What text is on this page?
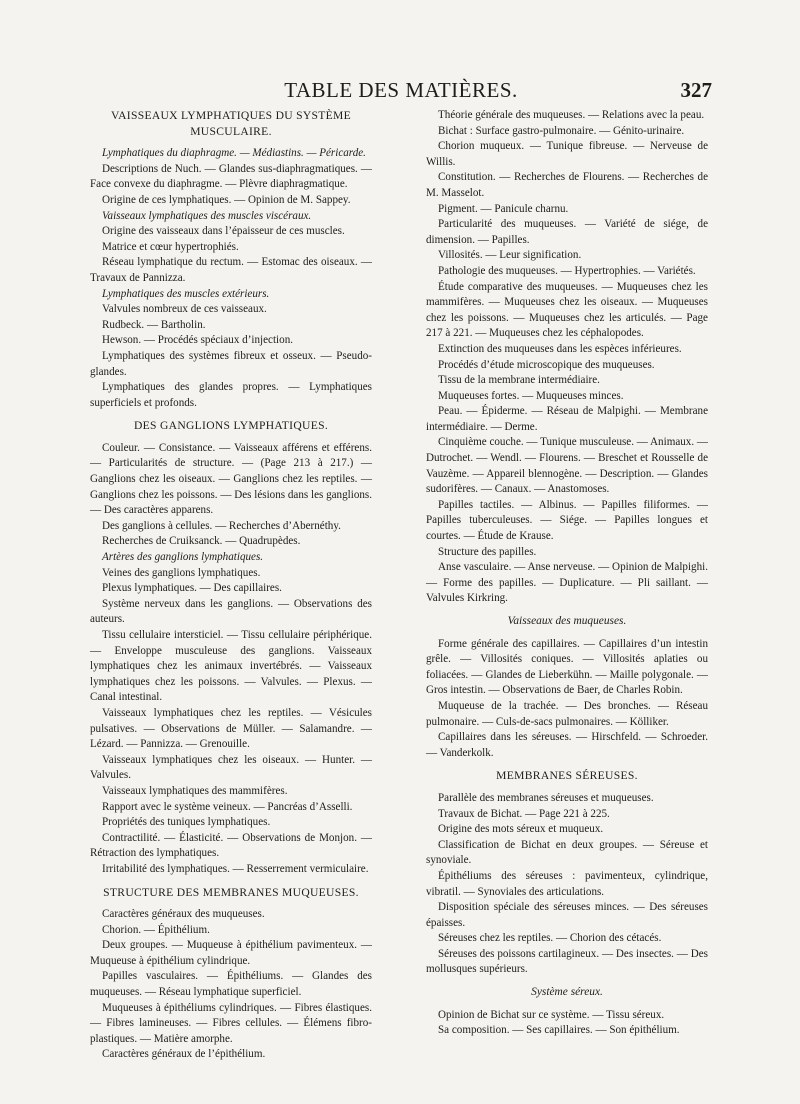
TABLE DES MATIÈRES.	327
VAISSEAUX LYMPHATIQUES DU SYSTÈME MUSCULAIRE.

Lymphatiques du diaphragme. — Médiastins. — Péricarde.

Descriptions de Nuch. — Glandes sus-diaphragmatiques. — Face convexe du diaphragme. — Plèvre diaphragmatique.

Origine de ces lymphatiques. — Opinion de M. Sappey.

Vaisseaux lymphatiques des muscles viscéraux.

Origine des vaisseaux dans l’épaisseur de ces muscles.

Matrice et cœur hypertrophiés.

Réseau lymphatique du rectum. — Estomac des oiseaux. — Travaux de Pannizza.

Lymphatiques des muscles extérieurs.

Valvules nombreux de ces vaisseaux.

Rudbeck. — Bartholin.

Hewson. — Procédés spéciaux d’injection.

Lymphatiques des systèmes fibreux et osseux. — Pseudo-glandes.

Lymphatiques des glandes propres. — Lymphatiques superficiels et profonds.

DES GANGLIONS LYMPHATIQUES.

Couleur. — Consistance. — Vaisseaux afférens et efférens. — Particularités de structure. — (Page 213 à 217.) — Ganglions chez les oiseaux. — Ganglions chez les reptiles. — Ganglions chez les poissons. — Des lésions dans les ganglions. — Des caractères apparens.

Des ganglions à cellules. — Recherches d’Abernéthy.

Recherches de Cruiksanck. — Quadrupèdes.

Artères des ganglions lymphatiques.

Veines des ganglions lymphatiques.

Plexus lymphatiques. — Des capillaires.

Système nerveux dans les ganglions. — Observations des auteurs.

Tissu cellulaire intersticiel. — Tissu cellulaire périphérique. — Enveloppe musculeuse des ganglions. Vaisseaux lymphatiques chez les animaux invertébrés. — Vaisseaux lymphatiques chez les poissons. — Valvules. — Plexus. — Canal intestinal.

Vaisseaux lymphatiques chez les reptiles. — Vésicules pulsatives. — Observations de Müller. — Salamandre. — Lézard. — Pannizza. — Grenouille.

Vaisseaux lymphatiques chez les oiseaux. — Hunter. — Valvules.

Vaisseaux lymphatiques des mammifères.

Rapport avec le système veineux. — Pancréas d’Asselli.

Propriétés des tuniques lymphatiques.

Contractilité. — Élasticité. — Observations de Monjon. — Rétraction des lymphatiques.

Irritabilité des lymphatiques. — Resserrement vermiculaire.

STRUCTURE DES MEMBRANES MUQUEUSES.

Caractères généraux des muqueuses.

Chorion. — Épithélium.

Deux groupes. — Muqueuse à épithélium pavimenteux. — Muqueuse à épithélium cylindrique.

Papilles vasculaires. — Épithéliums. — Glandes des muqueuses. — Réseau lymphatique superficiel.

Muqueuses à épithéliums cylindriques. — Fibres élastiques. — Fibres lamineuses. — Fibres cellules. — Élémens fibro-plastiques. — Matière amorphe.

Caractères généraux de l’épithélium.

Théorie générale des muqueuses. — Relations avec la peau.

Bichat : Surface gastro-pulmonaire. — Génito-urinaire.

Chorion muqueux. — Tunique fibreuse. — Nerveuse de Willis.

Constitution. — Recherches de Flourens. — Recherches de M. Masselot.

Pigment. — Panicule charnu.

Particularité des muqueuses. — Variété de siége, de dimension. — Papilles.

Villosités. — Leur signification.

Pathologie des muqueuses. — Hypertrophies. — Variétés.

Étude comparative des muqueuses. — Muqueuses chez les mammifères. — Muqueuses chez les oiseaux. — Muqueuses chez les poissons. — Muqueuses chez les articulés. — Page 217 à 221. — Muqueuses chez les céphalopodes.

Extinction des muqueuses dans les espèces inférieures.

Procédés d’étude microscopique des muqueuses.

Tissu de la membrane intermédiaire.

Muqueuses fortes. — Muqueuses minces.

Peau. — Épiderme. — Réseau de Malpighi. — Membrane intermédiaire. — Derme.

Cinquième couche. — Tunique musculeuse. — Animaux. — Dutrochet. — Wendl. — Flourens. — Breschet et Rousselle de Vauzème. — Appareil blennogène. — Description. — Glandes sudorifères. — Canaux. — Anastomoses.

Papilles tactiles. — Albinus. — Papilles filiformes. — Papilles tuberculeuses. — Siége. — Papilles longues et courtes. — Étude de Krause.

Structure des papilles.

Anse vasculaire. — Anse nerveuse. — Opinion de Malpighi. — Forme des papilles. — Duplicature. — Pli saillant. — Valvules Kirkring.

Vaisseaux des muqueuses.

Forme générale des capillaires. — Capillaires d’un intestin grêle. — Villosités coniques. — Villosités aplaties ou foliacées. — Glandes de Lieberkühn. — Maille polygonale. — Gros intestin. — Observations de Baer, de Charles Robin.

Muqueuse de la trachée. — Des bronches. — Réseau pulmonaire. — Culs-de-sacs pulmonaires. — Kölliker.

Capillaires dans les séreuses. — Hirschfeld. — Schroeder. — Vanderkolk.

MEMBRANES SÉREUSES.

Parallèle des membranes séreuses et muqueuses.

Travaux de Bichat. — Page 221 à 225.

Origine des mots séreux et muqueux.

Classification de Bichat en deux groupes. — Séreuse et synoviale.

Épithéliums des séreuses : pavimenteux, cylindrique, vibratil. — Synoviales des articulations.

Disposition spéciale des séreuses minces. — Des séreuses épaisses.

Séreuses chez les reptiles. — Chorion des cétacés.

Séreuses des poissons cartilagineux. — Des insectes. — Des mollusques supérieurs.

Système séreux.

Opinion de Bichat sur ce système. — Tissu séreux.

Sa composition. — Ses capillaires. — Son épithélium.
